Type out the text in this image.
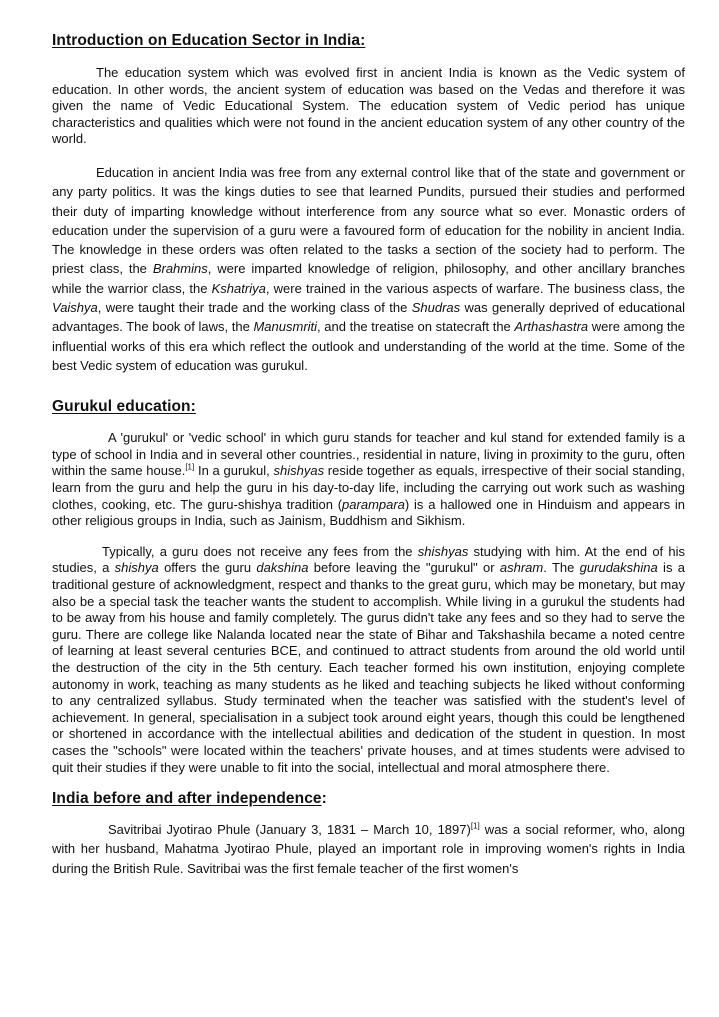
Introduction on Education Sector in India:

The education system which was evolved first in ancient India is known as the Vedic system of education. In other words, the ancient system of education was based on the Vedas and therefore it was given the name of Vedic Educational System. The education system of Vedic period has unique characteristics and qualities which were not found in the ancient education system of any other country of the world.

Education in ancient India was free from any external control like that of the state and government or any party politics. It was the kings duties to see that learned Pundits, pursued their studies and performed their duty of imparting knowledge without interference from any source what so ever. Monastic orders of education under the supervision of a guru were a favoured form of education for the nobility in ancient India. The knowledge in these orders was often related to the tasks a section of the society had to perform. The priest class, the Brahmins, were imparted knowledge of religion, philosophy, and other ancillary branches while the warrior class, the Kshatriya, were trained in the various aspects of warfare. The business class, the Vaishya, were taught their trade and the working class of the Shudras was generally deprived of educational advantages. The book of laws, the Manusmriti, and the treatise on statecraft the Arthashastra were among the influential works of this era which reflect the outlook and understanding of the world at the time. Some of the best Vedic system of education was gurukul.

Gurukul education:

A 'gurukul' or 'vedic school' in which guru stands for teacher and kul stand for extended family is a type of school in India and in several other countries., residential in nature, living in proximity to the guru, often within the same house.[1] In a gurukul, shishyas reside together as equals, irrespective of their social standing, learn from the guru and help the guru in his day-to-day life, including the carrying out work such as washing clothes, cooking, etc. The guru-shishya tradition (parampara) is a hallowed one in Hinduism and appears in other religious groups in India, such as Jainism, Buddhism and Sikhism.

Typically, a guru does not receive any fees from the shishyas studying with him. At the end of his studies, a shishya offers the guru dakshina before leaving the "gurukul" or ashram. The gurudakshina is a traditional gesture of acknowledgment, respect and thanks to the great guru, which may be monetary, but may also be a special task the teacher wants the student to accomplish. While living in a gurukul the students had to be away from his house and family completely. The gurus didn't take any fees and so they had to serve the guru. There are college like Nalanda located near the state of Bihar and Takshashila became a noted centre of learning at least several centuries BCE, and continued to attract students from around the old world until the destruction of the city in the 5th century. Each teacher formed his own institution, enjoying complete autonomy in work, teaching as many students as he liked and teaching subjects he liked without conforming to any centralized syllabus. Study terminated when the teacher was satisfied with the student's level of achievement. In general, specialisation in a subject took around eight years, though this could be lengthened or shortened in accordance with the intellectual abilities and dedication of the student in question. In most cases the "schools" were located within the teachers' private houses, and at times students were advised to quit their studies if they were unable to fit into the social, intellectual and moral atmosphere there.

India before and after independence:

Savitribai Jyotirao Phule (January 3, 1831 – March 10, 1897)[1] was a social reformer, who, along with her husband, Mahatma Jyotirao Phule, played an important role in improving women's rights in India during the British Rule. Savitribai was the first female teacher of the first women's
